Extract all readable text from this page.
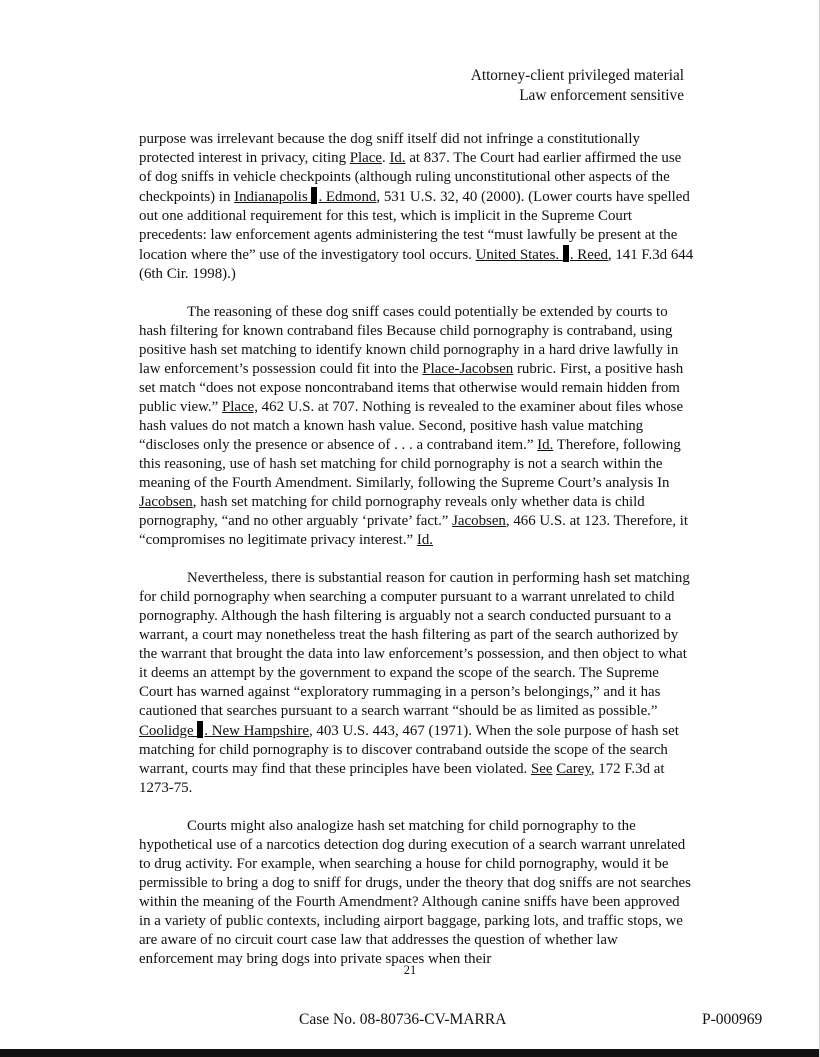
Attorney-client privileged material
Law enforcement sensitive

purpose was irrelevant because the dog sniff itself did not infringe a constitutionally protected interest in privacy, citing Place. Id. at 837. The Court had earlier affirmed the use of dog sniffs in vehicle checkpoints (although ruling unconstitutional other aspects of the checkpoints) in Indianapolis . Edmond, 531 U.S. 32, 40 (2000). (Lower courts have spelled out one additional requirement for this test, which is implicit in the Supreme Court precedents: law enforcement agents administering the test “must lawfully be present at the location where the” use of the investigatory tool occurs. United States. . Reed, 141 F.3d 644 (6th Cir. 1998).)

The reasoning of these dog sniff cases could potentially be extended by courts to hash filtering for known contraband files Because child pornography is contraband, using positive hash set matching to identify known child pornography in a hard drive lawfully in law enforcement’s possession could fit into the Place-Jacobsen rubric. First, a positive hash set match “does not expose noncontraband items that otherwise would remain hidden from public view.” Place, 462 U.S. at 707. Nothing is revealed to the examiner about files whose hash values do not match a known hash value. Second, positive hash value matching “discloses only the presence or absence of . . . a contraband item.” Id. Therefore, following this reasoning, use of hash set matching for child pornography is not a search within the meaning of the Fourth Amendment. Similarly, following the Supreme Court’s analysis In Jacobsen, hash set matching for child pornography reveals only whether data is child pornography, “and no other arguably ‘private’ fact.” Jacobsen, 466 U.S. at 123. Therefore, it “compromises no legitimate privacy interest.” Id.

Nevertheless, there is substantial reason for caution in performing hash set matching for child pornography when searching a computer pursuant to a warrant unrelated to child pornography. Although the hash filtering is arguably not a search conducted pursuant to a warrant, a court may nonetheless treat the hash filtering as part of the search authorized by the warrant that brought the data into law enforcement’s possession, and then object to what it deems an attempt by the government to expand the scope of the search. The Supreme Court has warned against “exploratory rummaging in a person’s belongings,” and it has cautioned that searches pursuant to a search warrant “should be as limited as possible.” Coolidge . New Hampshire, 403 U.S. 443, 467 (1971). When the sole purpose of hash set matching for child pornography is to discover contraband outside the scope of the search warrant, courts may find that these principles have been violated. See Carey, 172 F.3d at 1273-75.

Courts might also analogize hash set matching for child pornography to the hypothetical use of a narcotics detection dog during execution of a search warrant unrelated to drug activity. For example, when searching a house for child pornography, would it be permissible to bring a dog to sniff for drugs, under the theory that dog sniffs are not searches within the meaning of the Fourth Amendment? Although canine sniffs have been approved in a variety of public contexts, including airport baggage, parking lots, and traffic stops, we are aware of no circuit court case law that addresses the question of whether law enforcement may bring dogs into private spaces when their

21
Case No. 08-80736-CV-MARRA	P-000969
